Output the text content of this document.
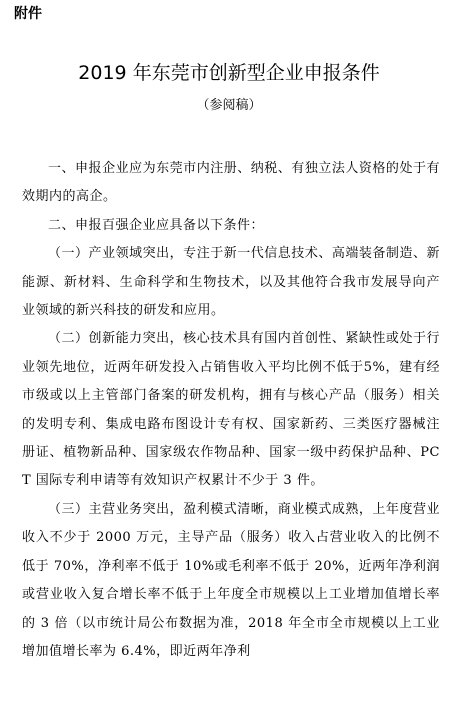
附件
2019 年东莞市创新型企业申报条件
（参阅稿）

一、申报企业应为东莞市内注册、纳税、有独立法人资格的处于有效期内的高企。

二、申报百强企业应具备以下条件：

（一）产业领域突出，专注于新一代信息技术、高端装备制造、新能源、新材料、生命科学和生物技术，以及其他符合我市发展导向产业领域的新兴科技的研发和应用。

（二）创新能力突出，核心技术具有国内首创性、紧缺性或处于行业领先地位，近两年研发投入占销售收入平均比例不低于5%，建有经市级或以上主管部门备案的研发机构，拥有与核心产品（服务）相关的发明专利、集成电路布图设计专有权、国家新药、三类医疗器械注册证、植物新品种、国家级农作物品种、国家一级中药保护品种、PCT 国际专利申请等有效知识产权累计不少于 3 件。

（三）主营业务突出，盈利模式清晰，商业模式成熟，上年度营业收入不少于 2000 万元，主导产品（服务）收入占营业收入的比例不低于 70%，净利率不低于 10%或毛利率不低于 20%，近两年净利润或营业收入复合增长率不低于上年度全市规模以上工业增加值增长率的 3 倍（以市统计局公布数据为准，2018 年全市全市规模以上工业增加值增长率为 6.4%，即近两年净利
